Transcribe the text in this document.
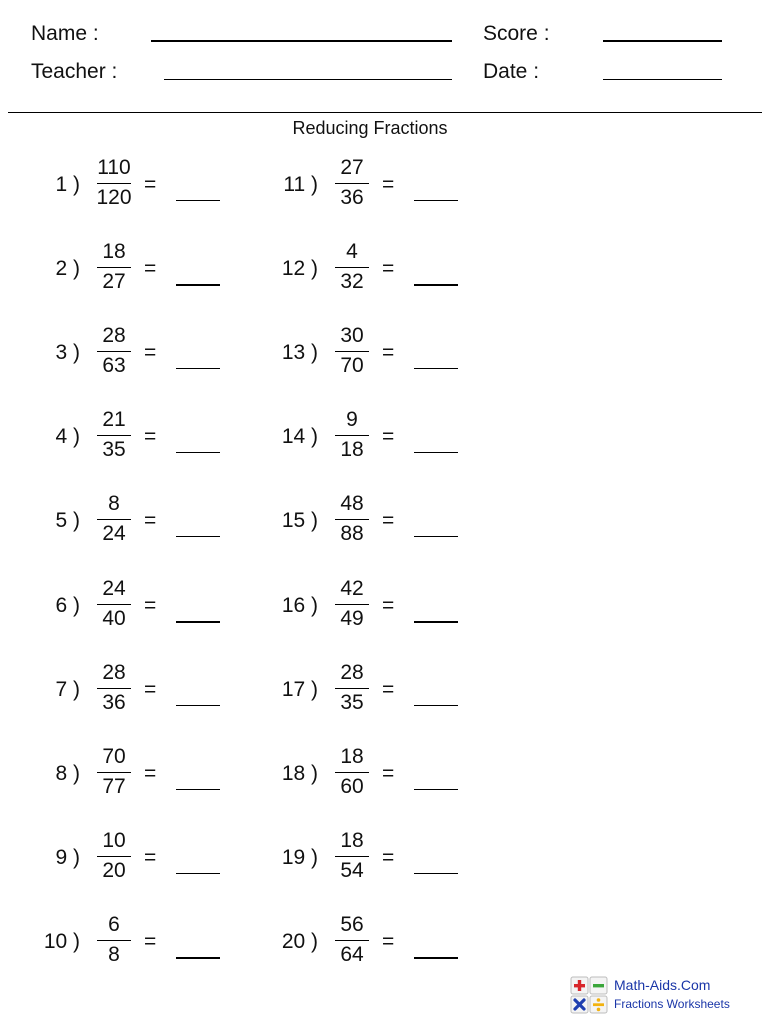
Name :
Teacher :
Score :
Date :
Reducing Fractions
1 )
110
120
=
2 )
18
27
=
3 )
28
63
=
4 )
21
35
=
5 )
8
24
=
6 )
24
40
=
7 )
28
36
=
8 )
70
77
=
9 )
10
20
=
10 )
6
8
=
11 )
27
36
=
12 )
4
32
=
13 )
30
70
=
14 )
9
18
=
15 )
48
88
=
16 )
42
49
=
17 )
28
35
=
18 )
18
60
=
19 )
18
54
=
20 )
56
64
=
Math-Aids.Com
Fractions Worksheets
